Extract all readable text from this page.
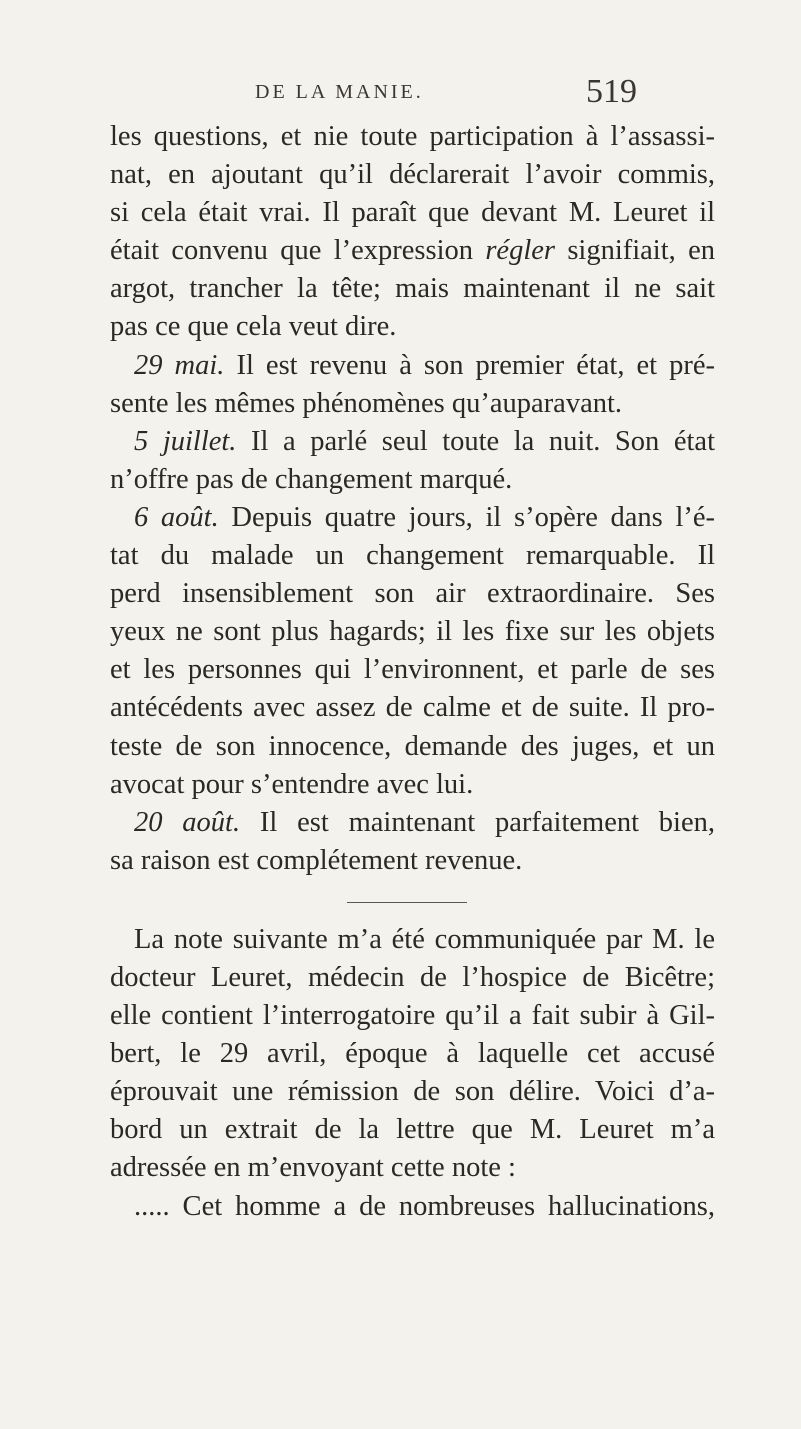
DE LA MANIE.	519
les questions, et nie toute participation à l’assassi-
nat, en ajoutant qu’il déclarerait l’avoir commis,
si cela était vrai. Il paraît que devant M. Leuret il
était convenu que l’expression régler signifiait, en
argot, trancher la tête; mais maintenant il ne sait
pas ce que cela veut dire.
29 mai. Il est revenu à son premier état, et pré-
sente les mêmes phénomènes qu’auparavant.
5 juillet. Il a parlé seul toute la nuit. Son état
n’offre pas de changement marqué.
6 août. Depuis quatre jours, il s’opère dans l’é-
tat du malade un changement remarquable. Il
perd insensiblement son air extraordinaire. Ses
yeux ne sont plus hagards; il les fixe sur les objets
et les personnes qui l’environnent, et parle de ses
antécédents avec assez de calme et de suite. Il pro-
teste de son innocence, demande des juges, et un
avocat pour s’entendre avec lui.
20 août. Il est maintenant parfaitement bien,
sa raison est complétement revenue.
La note suivante m’a été communiquée par M. le
docteur Leuret, médecin de l’hospice de Bicêtre;
elle contient l’interrogatoire qu’il a fait subir à Gil-
bert, le 29 avril, époque à laquelle cet accusé
éprouvait une rémission de son délire. Voici d’a-
bord un extrait de la lettre que M. Leuret m’a
adressée en m’envoyant cette note :
..... Cet homme a de nombreuses hallucinations,
